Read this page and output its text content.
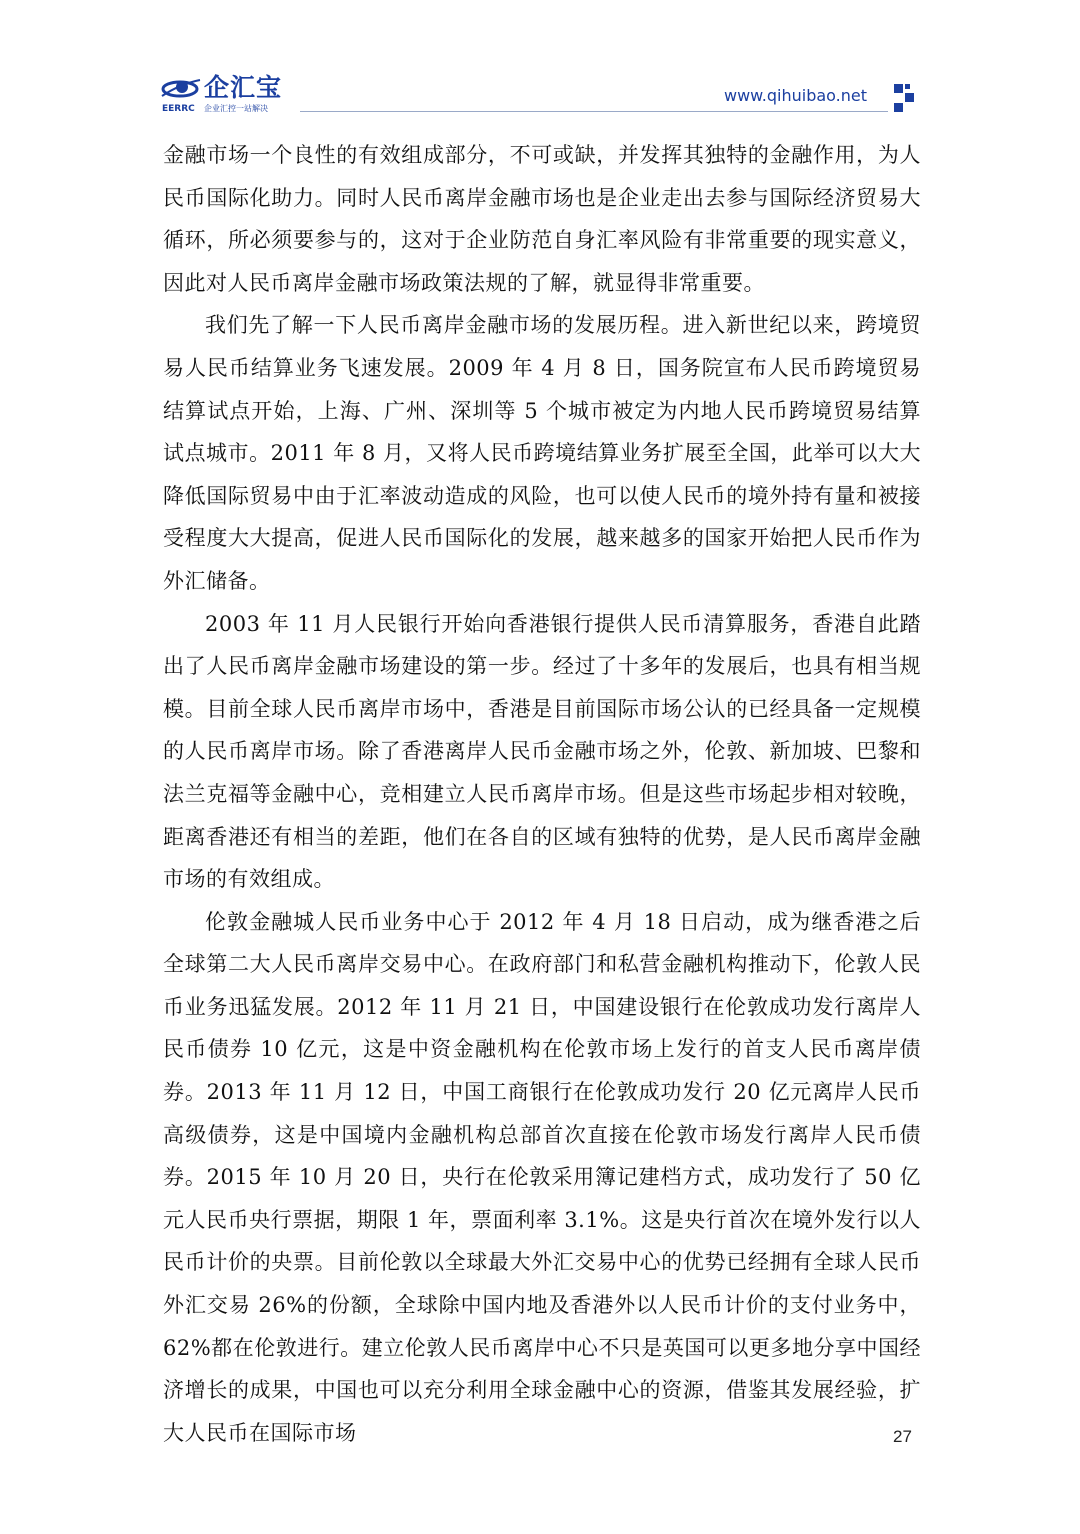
企汇宝
EERRC 企业汇控一站解决
www.qihuibao.net

金融市场一个良性的有效组成部分，不可或缺，并发挥其独特的金融作用，为人民币国际化助力。同时人民币离岸金融市场也是企业走出去参与国际经济贸易大循环，所必须要参与的，这对于企业防范自身汇率风险有非常重要的现实意义，因此对人民币离岸金融市场政策法规的了解，就显得非常重要。

我们先了解一下人民币离岸金融市场的发展历程。进入新世纪以来，跨境贸易人民币结算业务飞速发展。2009 年 4 月 8 日，国务院宣布人民币跨境贸易结算试点开始，上海、广州、深圳等 5 个城市被定为内地人民币跨境贸易结算试点城市。2011 年 8 月，又将人民币跨境结算业务扩展至全国，此举可以大大降低国际贸易中由于汇率波动造成的风险，也可以使人民币的境外持有量和被接受程度大大提高，促进人民币国际化的发展，越来越多的国家开始把人民币作为外汇储备。

2003 年 11 月人民银行开始向香港银行提供人民币清算服务，香港自此踏出了人民币离岸金融市场建设的第一步。经过了十多年的发展后，也具有相当规模。目前全球人民币离岸市场中，香港是目前国际市场公认的已经具备一定规模的人民币离岸市场。除了香港离岸人民币金融市场之外，伦敦、新加坡、巴黎和法兰克福等金融中心，竞相建立人民币离岸市场。但是这些市场起步相对较晚，距离香港还有相当的差距，他们在各自的区域有独特的优势，是人民币离岸金融市场的有效组成。

伦敦金融城人民币业务中心于 2012 年 4 月 18 日启动，成为继香港之后全球第二大人民币离岸交易中心。在政府部门和私营金融机构推动下，伦敦人民币业务迅猛发展。2012 年 11 月 21 日，中国建设银行在伦敦成功发行离岸人民币债券 10 亿元，这是中资金融机构在伦敦市场上发行的首支人民币离岸债券。2013 年 11 月 12 日，中国工商银行在伦敦成功发行 20 亿元离岸人民币高级债券，这是中国境内金融机构总部首次直接在伦敦市场发行离岸人民币债券。2015 年 10 月 20 日，央行在伦敦采用簿记建档方式，成功发行了 50 亿元人民币央行票据，期限 1 年，票面利率 3.1%。这是央行首次在境外发行以人民币计价的央票。目前伦敦以全球最大外汇交易中心的优势已经拥有全球人民币外汇交易 26%的份额，全球除中国内地及香港外以人民币计价的支付业务中，62%都在伦敦进行。建立伦敦人民币离岸中心不只是英国可以更多地分享中国经济增长的成果，中国也可以充分利用全球金融中心的资源，借鉴其发展经验，扩大人民币在国际市场	27
